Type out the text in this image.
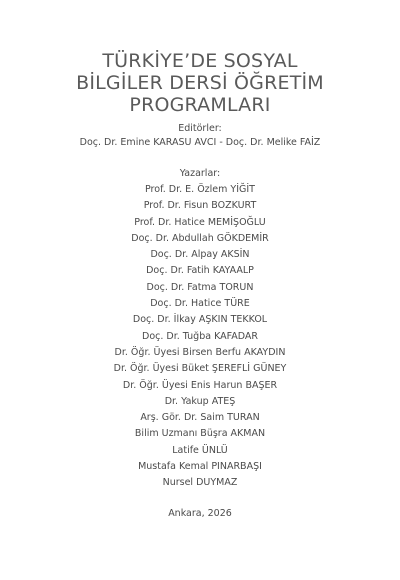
TÜRKİYE’DE SOSYAL
BİLGİLER DERSİ ÖĞRETİM
PROGRAMLARI
Editörler:
Doç. Dr. Emine KARASU AVCI - Doç. Dr. Melike FAİZ
Yazarlar:
Prof. Dr. E. Özlem YİĞİT
Prof. Dr. Fisun BOZKURT
Prof. Dr. Hatice MEMİŞOĞLU
Doç. Dr. Abdullah GÖKDEMİR
Doç. Dr. Alpay AKSİN
Doç. Dr. Fatih KAYAALP
Doç. Dr. Fatma TORUN
Doç. Dr. Hatice TÜRE
Doç. Dr. İlkay AŞKIN TEKKOL
Doç. Dr. Tuğba KAFADAR
Dr. Öğr. Üyesi Birsen Berfu AKAYDIN
Dr. Öğr. Üyesi Büket ŞEREFLİ GÜNEY
Dr. Öğr. Üyesi Enis Harun BAŞER
Dr. Yakup ATEŞ
Arş. Gör. Dr. Saim TURAN
Bilim Uzmanı Büşra AKMAN
Latife ÜNLÜ
Mustafa Kemal PINARBAŞI
Nursel DUYMAZ
Ankara, 2026
